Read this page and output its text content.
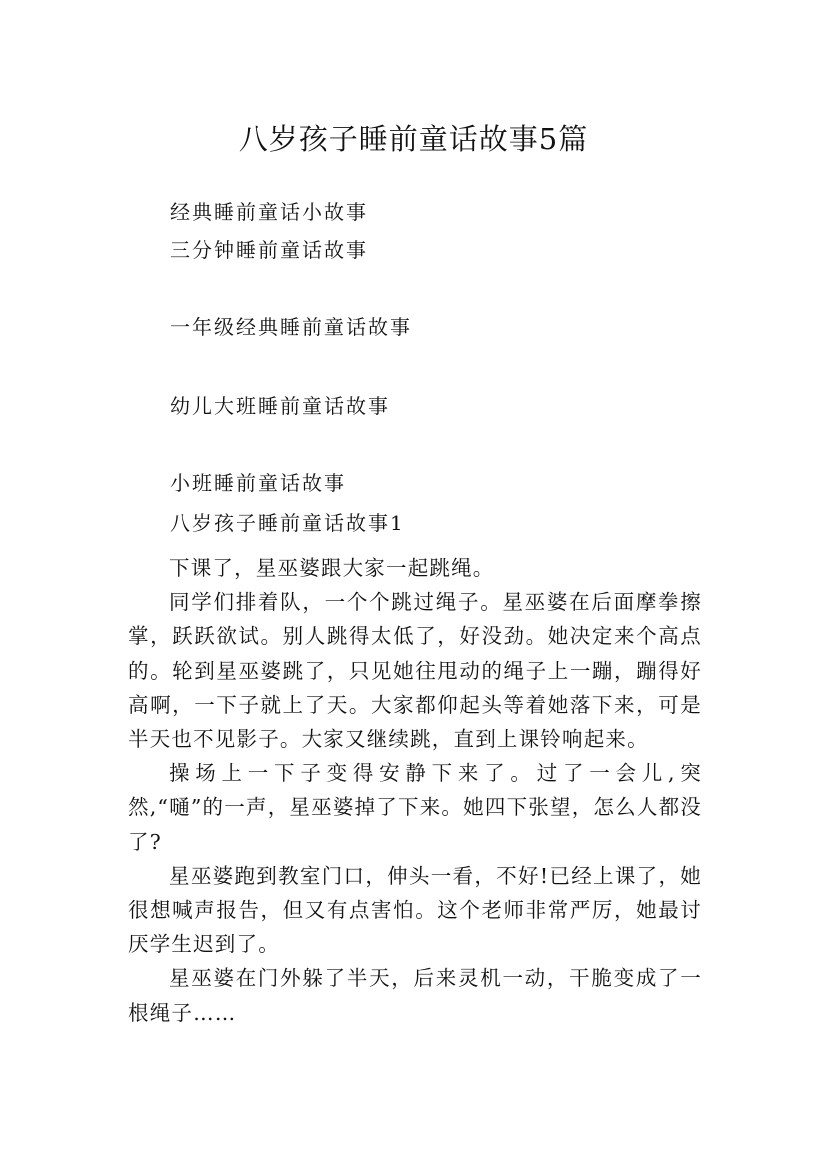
八岁孩子睡前童话故事5篇
经典睡前童话小故事
三分钟睡前童话故事
一年级经典睡前童话故事
幼儿大班睡前童话故事
小班睡前童话故事
八岁孩子睡前童话故事1

下课了，星巫婆跟大家一起跳绳。

同学们排着队，一个个跳过绳子。星巫婆在后面摩拳擦掌，跃跃欲试。别人跳得太低了，好没劲。她决定来个高点的。轮到星巫婆跳了，只见她往甩动的绳子上一蹦，蹦得好高啊，一下子就上了天。大家都仰起头等着她落下来，可是半天也不见影子。大家又继续跳，直到上课铃响起来。

操场上一下子变得安静下来了。过了一会儿,突然,“嗵”的一声，星巫婆掉了下来。她四下张望，怎么人都没了?

星巫婆跑到教室门口，伸头一看，不好!已经上课了，她很想喊声报告，但又有点害怕。这个老师非常严厉，她最讨厌学生迟到了。

星巫婆在门外躲了半天，后来灵机一动，干脆变成了一根绳子……
